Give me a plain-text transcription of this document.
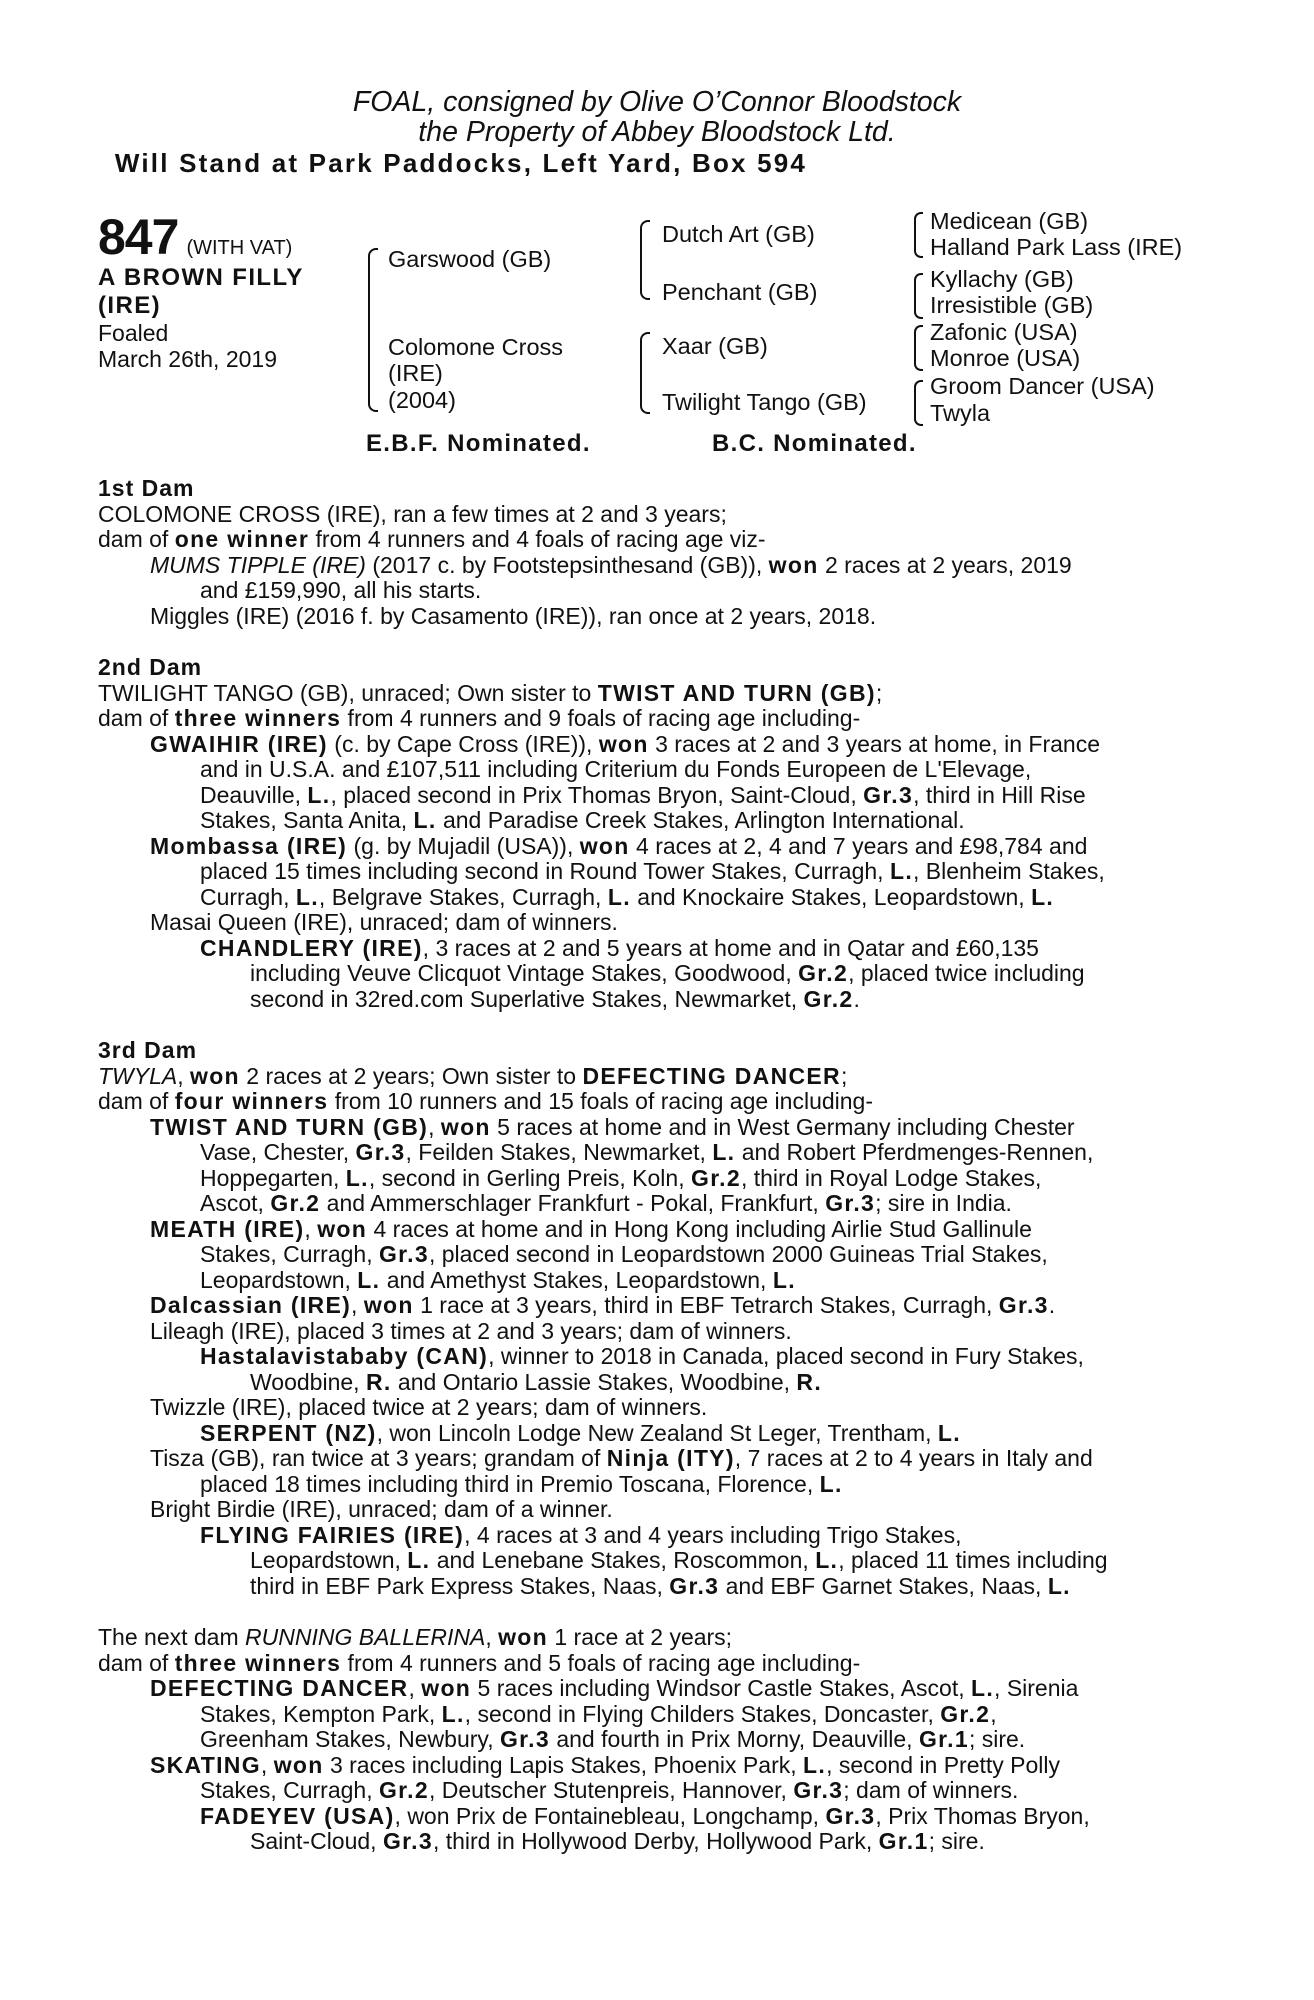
FOAL, consigned by Olive O’Connor Bloodstock
the Property of Abbey Bloodstock Ltd.
Will Stand at Park Paddocks, Left Yard, Box 594
847 (WITH VAT)
A BROWN FILLY
(IRE)
Foaled
March 26th, 2019
Garswood (GB)
Colomone Cross
(IRE)
(2004)
Dutch Art (GB)
Penchant (GB)
Xaar (GB)
Twilight Tango (GB)
Medicean (GB)
Halland Park Lass (IRE)
Kyllachy (GB)
Irresistible (GB)
Zafonic (USA)
Monroe (USA)
Groom Dancer (USA)
Twyla
E.B.F. Nominated.	B.C. Nominated.

1st Dam

COLOMONE CROSS (IRE), ran a few times at 2 and 3 years;

dam of one winner from 4 runners and 4 foals of racing age viz-

MUMS TIPPLE (IRE) (2017 c. by Footstepsinthesand (GB)), won 2 races at 2 years, 2019

and £159,990, all his starts.

Miggles (IRE) (2016 f. by Casamento (IRE)), ran once at 2 years, 2018.

2nd Dam

TWILIGHT TANGO (GB), unraced; Own sister to TWIST AND TURN (GB);

dam of three winners from 4 runners and 9 foals of racing age including-

GWAIHIR (IRE) (c. by Cape Cross (IRE)), won 3 races at 2 and 3 years at home, in France

and in U.S.A. and £107,511 including Criterium du Fonds Europeen de L'Elevage,

Deauville, L., placed second in Prix Thomas Bryon, Saint-Cloud, Gr.3, third in Hill Rise

Stakes, Santa Anita, L. and Paradise Creek Stakes, Arlington International.

Mombassa (IRE) (g. by Mujadil (USA)), won 4 races at 2, 4 and 7 years and £98,784 and

placed 15 times including second in Round Tower Stakes, Curragh, L., Blenheim Stakes,

Curragh, L., Belgrave Stakes, Curragh, L. and Knockaire Stakes, Leopardstown, L.

Masai Queen (IRE), unraced; dam of winners.

CHANDLERY (IRE), 3 races at 2 and 5 years at home and in Qatar and £60,135

including Veuve Clicquot Vintage Stakes, Goodwood, Gr.2, placed twice including

second in 32red.com Superlative Stakes, Newmarket, Gr.2.

3rd Dam

TWYLA, won 2 races at 2 years; Own sister to DEFECTING DANCER;

dam of four winners from 10 runners and 15 foals of racing age including-

TWIST AND TURN (GB), won 5 races at home and in West Germany including Chester

Vase, Chester, Gr.3, Feilden Stakes, Newmarket, L. and Robert Pferdmenges-Rennen,

Hoppegarten, L., second in Gerling Preis, Koln, Gr.2, third in Royal Lodge Stakes,

Ascot, Gr.2 and Ammerschlager Frankfurt - Pokal, Frankfurt, Gr.3; sire in India.

MEATH (IRE), won 4 races at home and in Hong Kong including Airlie Stud Gallinule

Stakes, Curragh, Gr.3, placed second in Leopardstown 2000 Guineas Trial Stakes,

Leopardstown, L. and Amethyst Stakes, Leopardstown, L.

Dalcassian (IRE), won 1 race at 3 years, third in EBF Tetrarch Stakes, Curragh, Gr.3.

Lileagh (IRE), placed 3 times at 2 and 3 years; dam of winners.

Hastalavistababy (CAN), winner to 2018 in Canada, placed second in Fury Stakes,

Woodbine, R. and Ontario Lassie Stakes, Woodbine, R.

Twizzle (IRE), placed twice at 2 years; dam of winners.

SERPENT (NZ), won Lincoln Lodge New Zealand St Leger, Trentham, L.

Tisza (GB), ran twice at 3 years; grandam of Ninja (ITY), 7 races at 2 to 4 years in Italy and

placed 18 times including third in Premio Toscana, Florence, L.

Bright Birdie (IRE), unraced; dam of a winner.

FLYING FAIRIES (IRE), 4 races at 3 and 4 years including Trigo Stakes,

Leopardstown, L. and Lenebane Stakes, Roscommon, L., placed 11 times including

third in EBF Park Express Stakes, Naas, Gr.3 and EBF Garnet Stakes, Naas, L.

The next dam RUNNING BALLERINA, won 1 race at 2 years;

dam of three winners from 4 runners and 5 foals of racing age including-

DEFECTING DANCER, won 5 races including Windsor Castle Stakes, Ascot, L., Sirenia

Stakes, Kempton Park, L., second in Flying Childers Stakes, Doncaster, Gr.2,

Greenham Stakes, Newbury, Gr.3 and fourth in Prix Morny, Deauville, Gr.1; sire.

SKATING, won 3 races including Lapis Stakes, Phoenix Park, L., second in Pretty Polly

Stakes, Curragh, Gr.2, Deutscher Stutenpreis, Hannover, Gr.3; dam of winners.

FADEYEV (USA), won Prix de Fontainebleau, Longchamp, Gr.3, Prix Thomas Bryon,

Saint-Cloud, Gr.3, third in Hollywood Derby, Hollywood Park, Gr.1; sire.
